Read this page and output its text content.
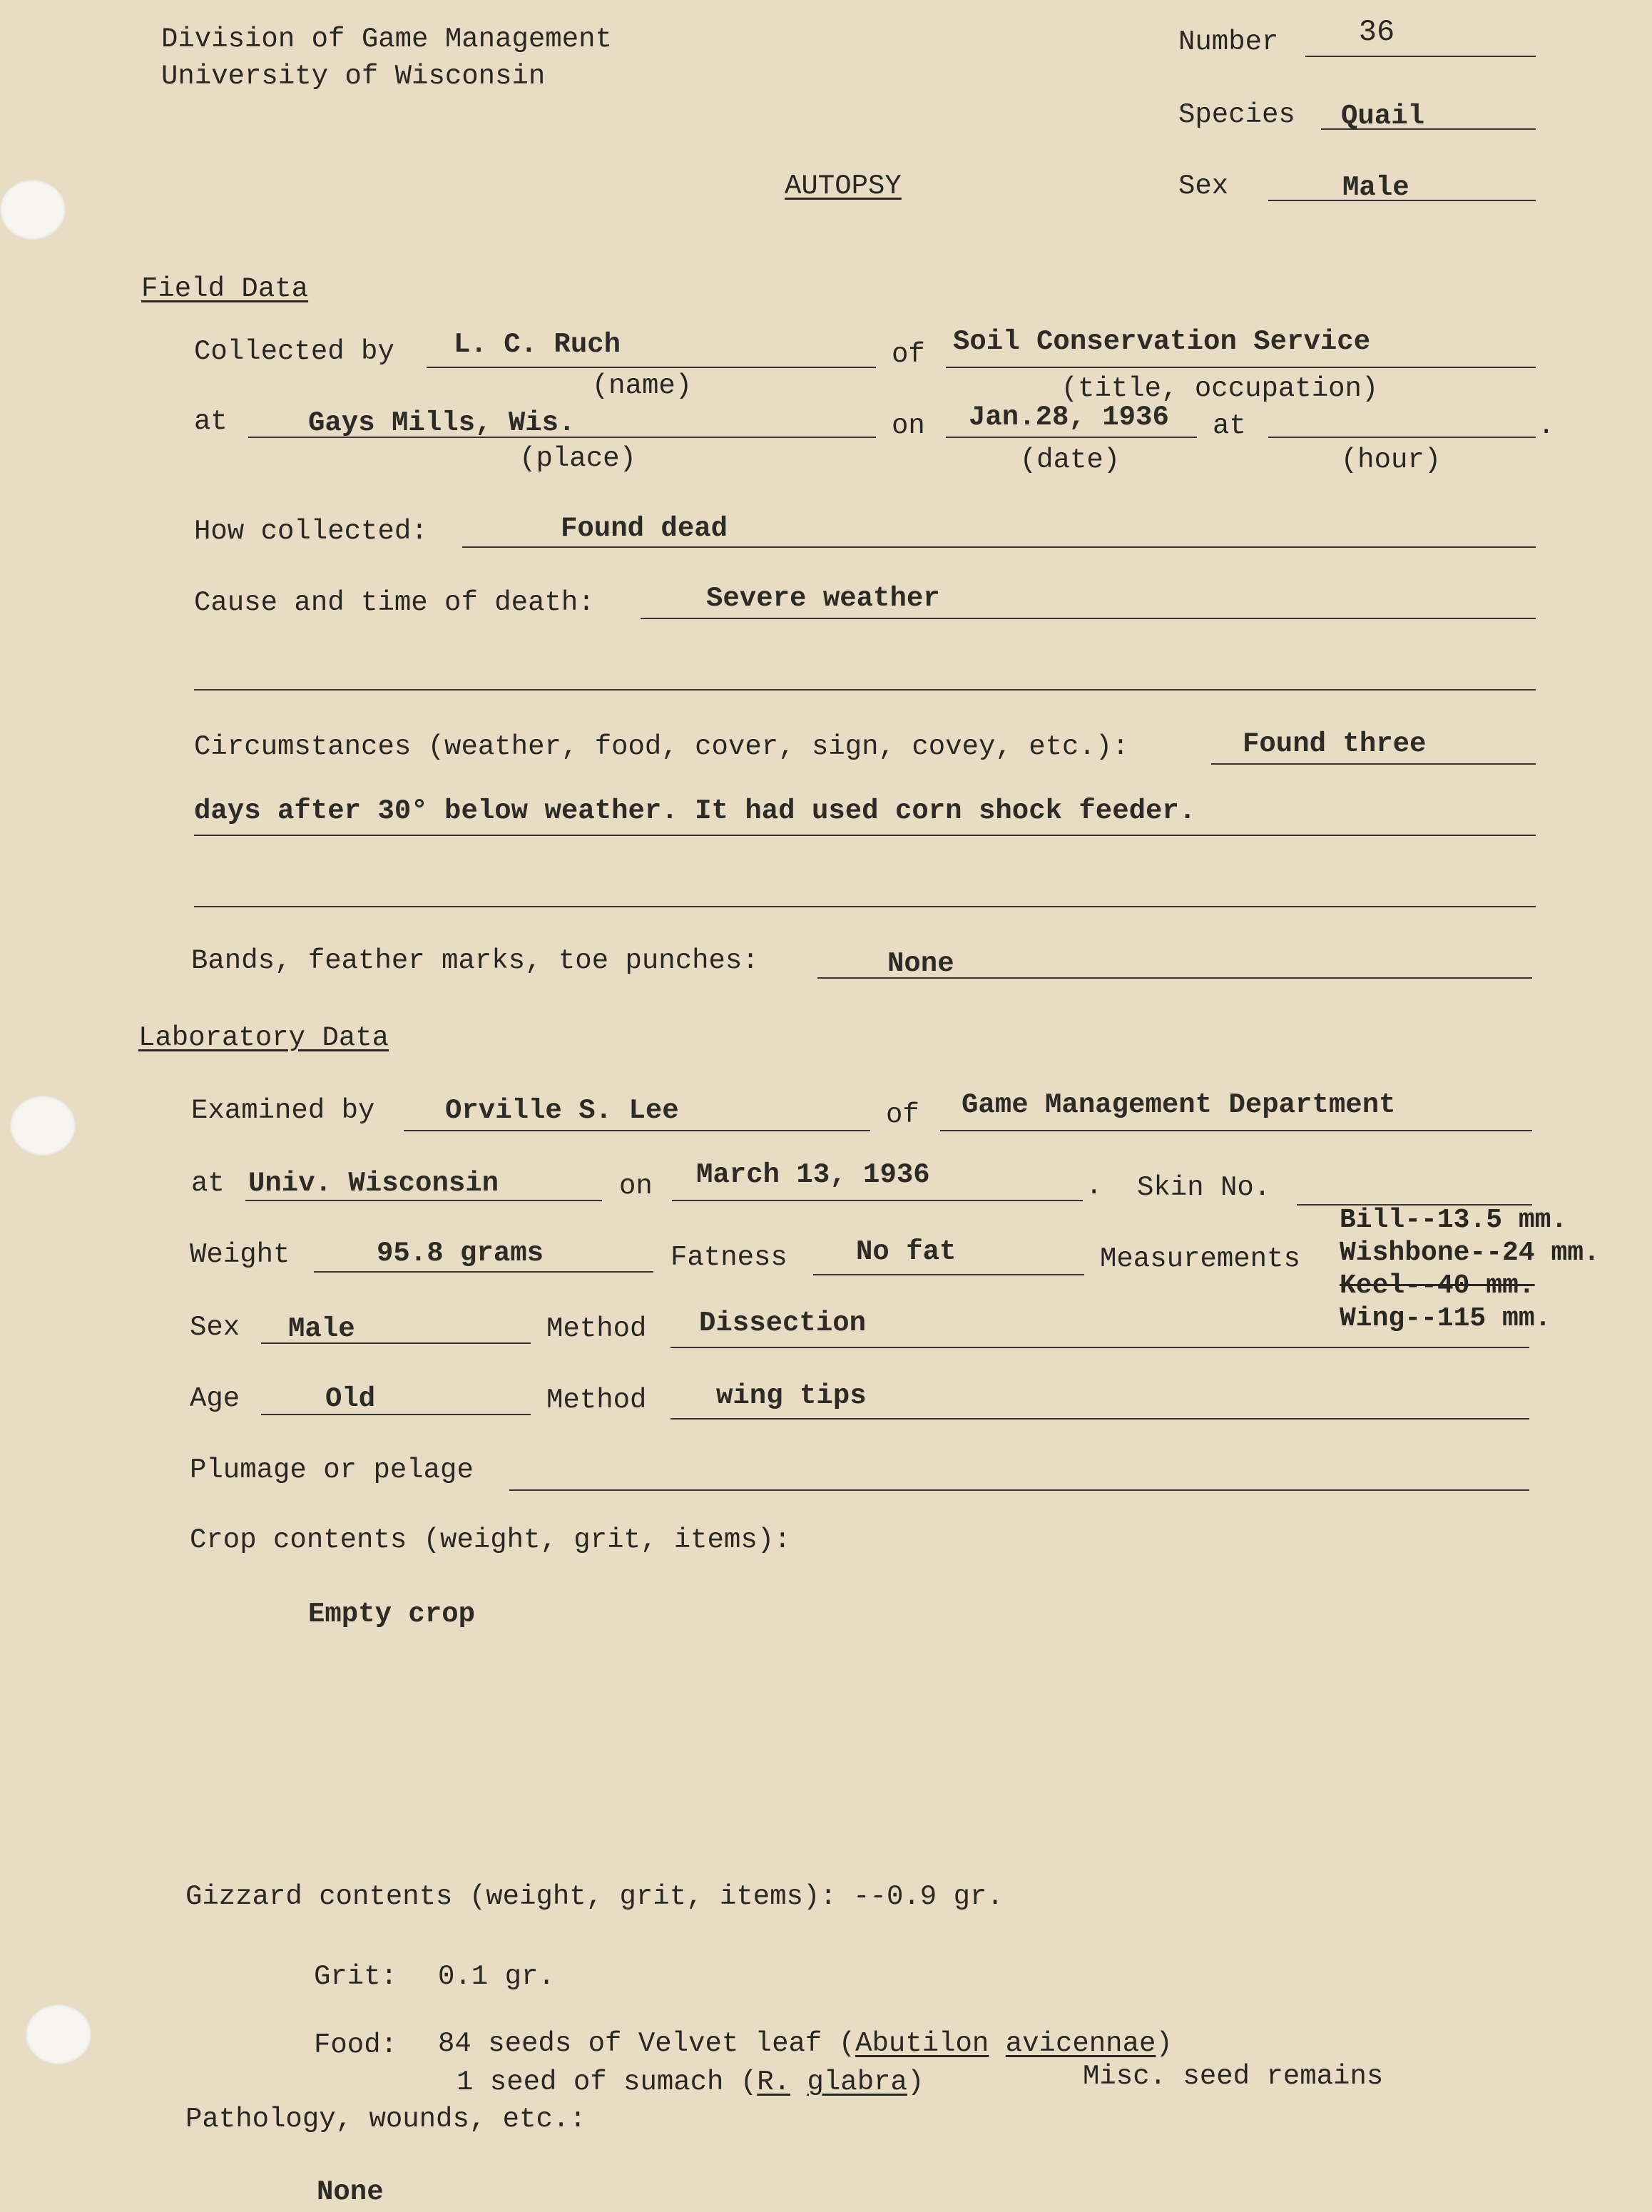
Division of Game Management
University of Wisconsin
Number	36
Species Quail
AUTOPSY	Sex	Male
Field Data
Collected by L. C. Ruch	of Soil Conservation Service
(name)	(title, occupation)
at	Gays Mills, Wis.	on Jan.28, 1936 at	.
(place)	(date)	(hour)
How collected:	Found dead
Cause and time of death:	Severe weather
Circumstances (weather, food, cover, sign, covey, etc.):	Found three
days after 30° below weather. It had used corn shock feeder.
Bands, feather marks, toe punches:	None
Laboratory Data
Examined by	Orville S. Lee	of Game Management Department
at Univ. Wisconsin	on March 13, 1936	. Skin No.
Weight	95.8 grams	Fatness No fat	Measurements
Bill--13.5 mm.
Wishbone--24 mm.
Keel--40 mm.
Wing--115 mm.
Sex Male	Method Dissection
Age	Old	Method	wing tips
Plumage or pelage
Crop contents (weight, grit, items):
Empty crop
Gizzard contents (weight, grit, items): --0.9 gr.
Grit: 0.1 gr.
Food: 84 seeds of Velvet leaf (Abutilon avicennae)
1 seed of sumach (R. glabra)	Misc. seed remains
Pathology, wounds, etc.:
None
